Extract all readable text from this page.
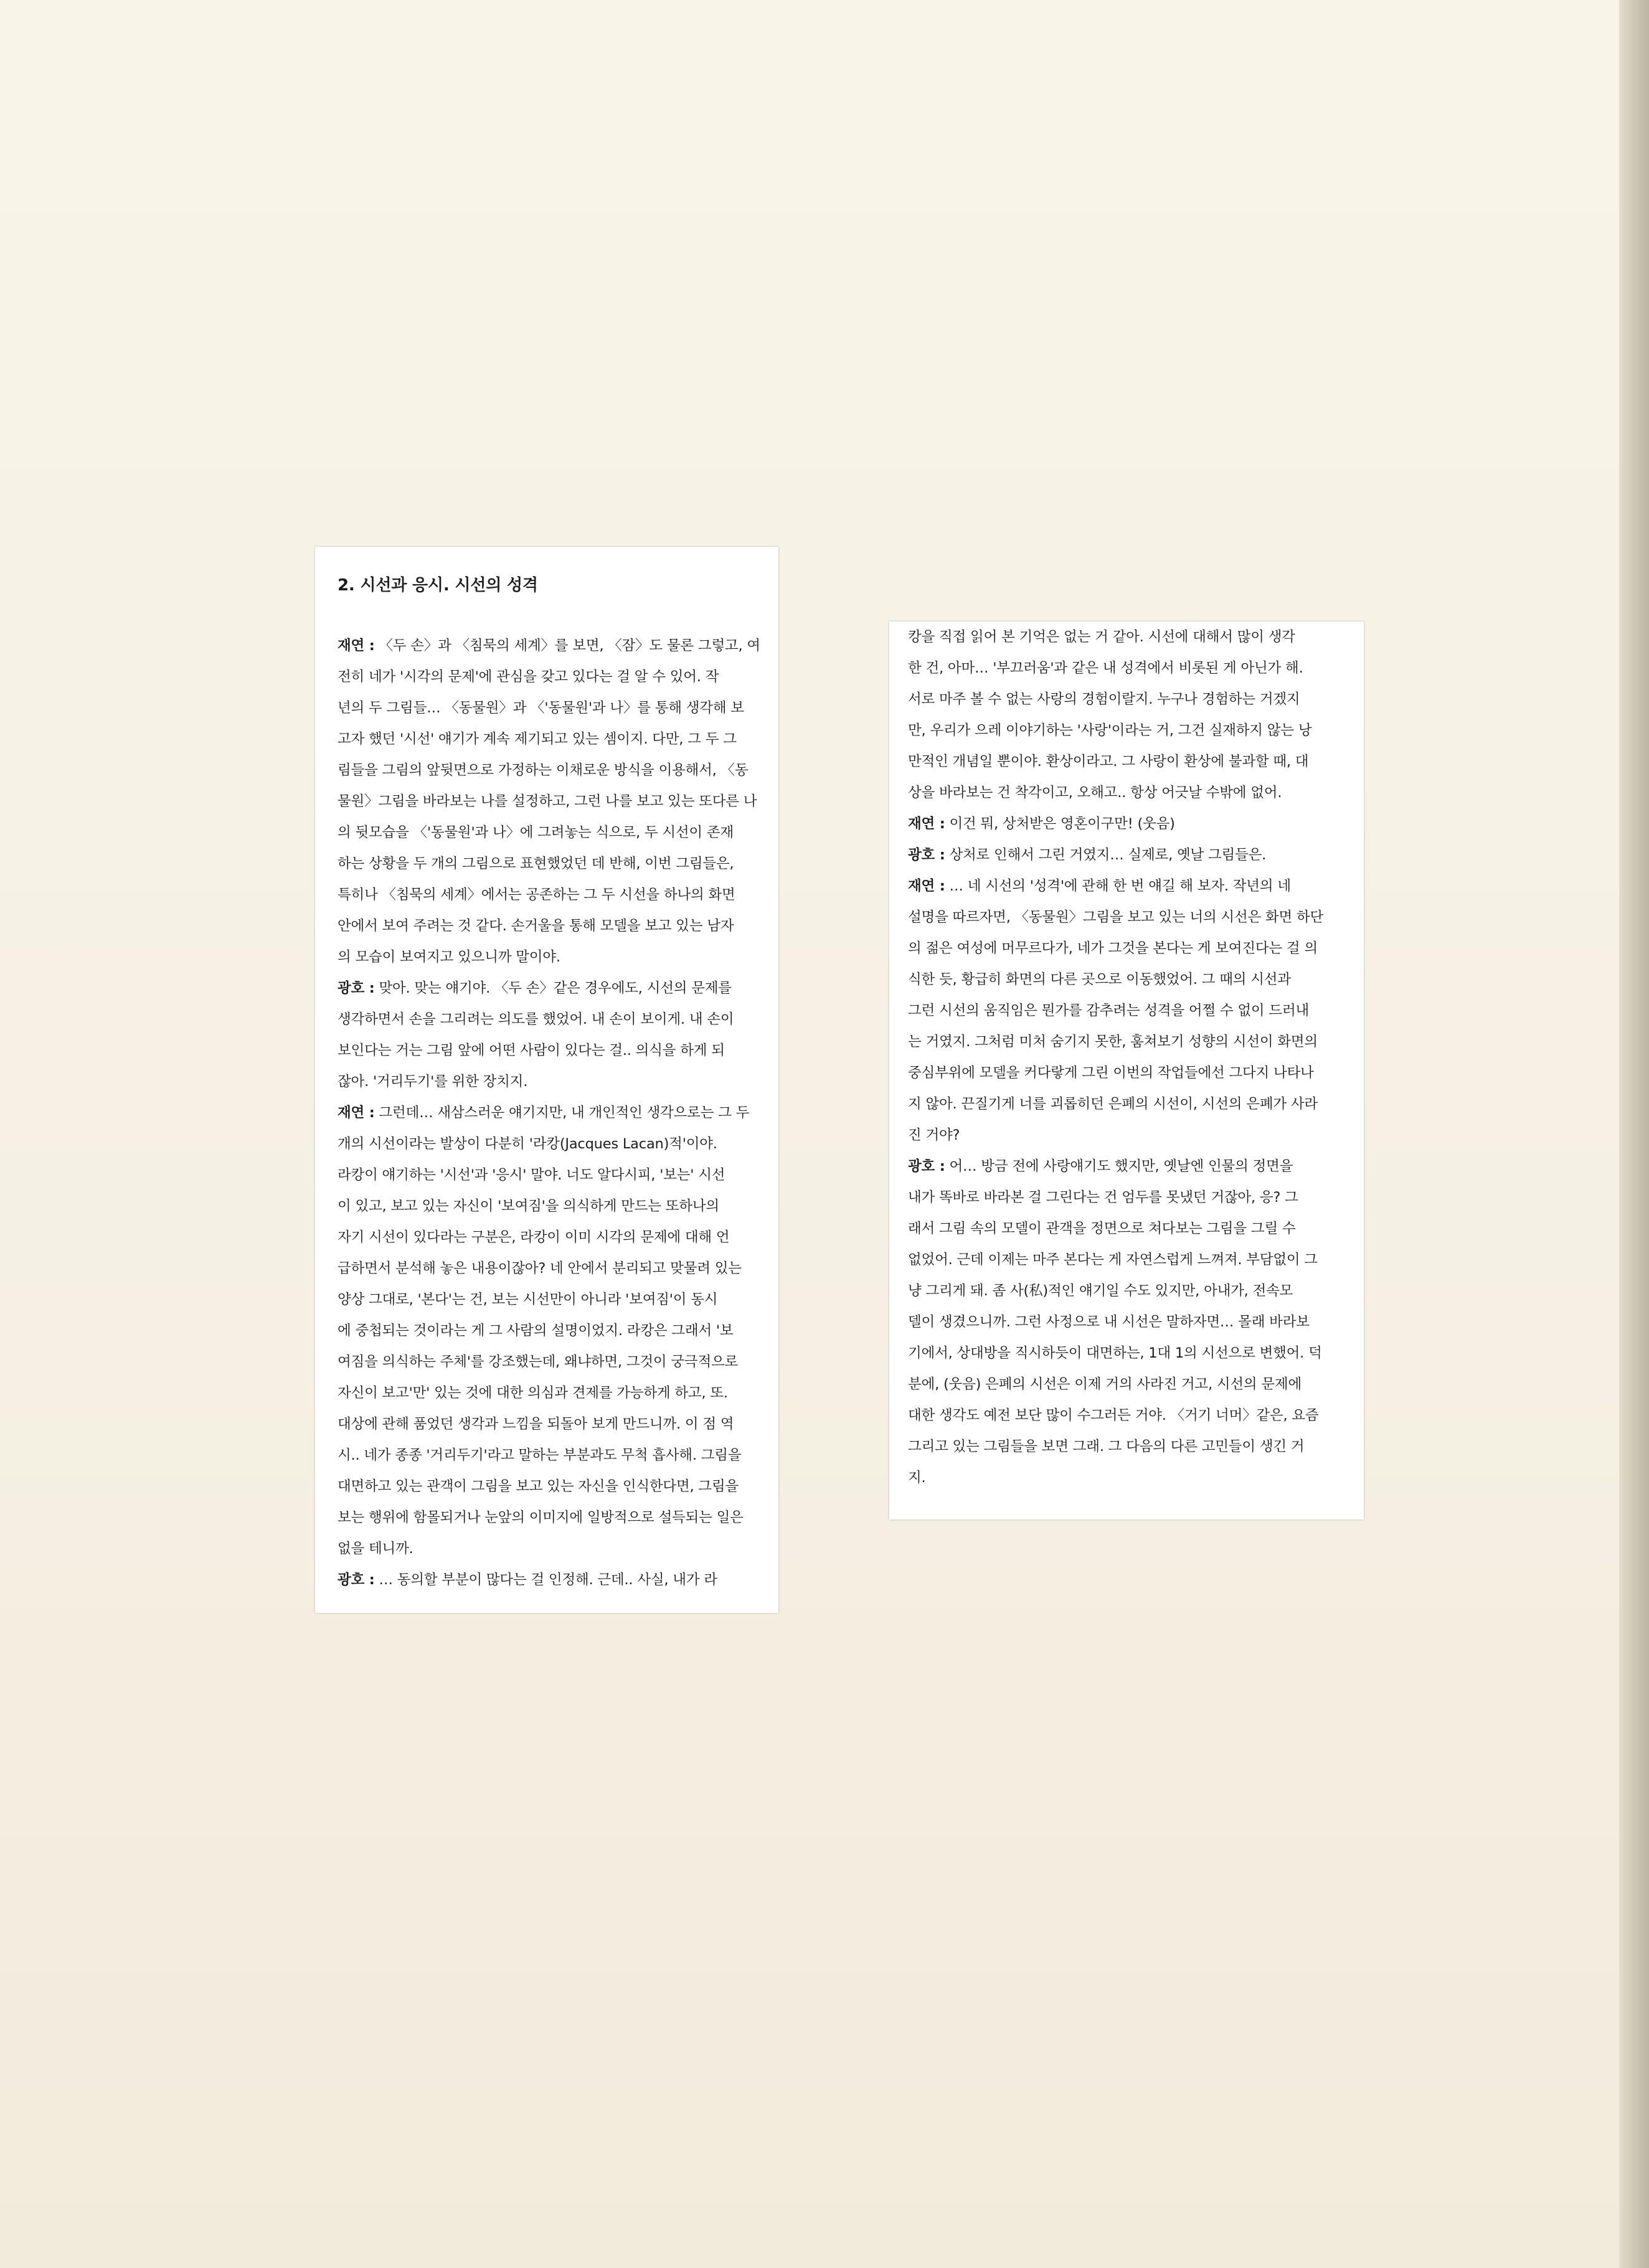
2. 시선과 응시. 시선의 성격
재연 : 〈두 손〉과 〈침묵의 세계〉를 보면, 〈잠〉도 물론 그렇고, 여
전히 네가 '시각의 문제'에 관심을 갖고 있다는 걸 알 수 있어. 작
년의 두 그림들… 〈동물원〉과 〈'동물원'과 나〉를 통해 생각해 보
고자 했던 '시선' 얘기가 계속 제기되고 있는 셈이지. 다만, 그 두 그
림들을 그림의 앞뒷면으로 가정하는 이채로운 방식을 이용해서, 〈동
물원〉그림을 바라보는 나를 설정하고, 그런 나를 보고 있는 또다른 나
의 뒷모습을 〈'동물원'과 나〉에 그려놓는 식으로, 두 시선이 존재
하는 상황을 두 개의 그림으로 표현했었던 데 반해, 이번 그림들은,
특히나 〈침묵의 세계〉에서는 공존하는 그 두 시선을 하나의 화면
안에서 보여 주려는 것 같다. 손거울을 통해 모델을 보고 있는 남자
의 모습이 보여지고 있으니까 말이야.
광호 : 맞아. 맞는 얘기야. 〈두 손〉같은 경우에도, 시선의 문제를
생각하면서 손을 그리려는 의도를 했었어. 내 손이 보이게. 내 손이
보인다는 거는 그림 앞에 어떤 사람이 있다는 걸.. 의식을 하게 되
잖아. '거리두기'를 위한 장치지.
재연 : 그런데… 새삼스러운 얘기지만, 내 개인적인 생각으로는 그 두
개의 시선이라는 발상이 다분히 '라캉(Jacques Lacan)적'이야.
라캉이 얘기하는 '시선'과 '응시' 말야. 너도 알다시피, '보는' 시선
이 있고, 보고 있는 자신이 '보여짐'을 의식하게 만드는 또하나의
자기 시선이 있다라는 구분은, 라캉이 이미 시각의 문제에 대해 언
급하면서 분석해 놓은 내용이잖아? 네 안에서 분리되고 맞물려 있는
양상 그대로, '본다'는 건, 보는 시선만이 아니라 '보여짐'이 동시
에 중첩되는 것이라는 게 그 사람의 설명이었지. 라캉은 그래서 '보
여짐을 의식하는 주체'를 강조했는데, 왜냐하면, 그것이 궁극적으로
자신이 보고'만' 있는 것에 대한 의심과 견제를 가능하게 하고, 또.
대상에 관해 품었던 생각과 느낌을 되돌아 보게 만드니까. 이 점 역
시.. 네가 종종 '거리두기'라고 말하는 부분과도 무척 흡사해. 그림을
대면하고 있는 관객이 그림을 보고 있는 자신을 인식한다면, 그림을
보는 행위에 함몰되거나 눈앞의 이미지에 일방적으로 설득되는 일은
없을 테니까.
광호 : … 동의할 부분이 많다는 걸 인정해. 근데.. 사실, 내가 라
캉을 직접 읽어 본 기억은 없는 거 같아. 시선에 대해서 많이 생각
한 건, 아마… '부끄러움'과 같은 내 성격에서 비롯된 게 아닌가 해.
서로 마주 볼 수 없는 사랑의 경험이랄지. 누구나 경험하는 거겠지
만, 우리가 으레 이야기하는 '사랑'이라는 거, 그건 실재하지 않는 낭
만적인 개념일 뿐이야. 환상이라고. 그 사랑이 환상에 불과할 때, 대
상을 바라보는 건 착각이고, 오해고.. 항상 어긋날 수밖에 없어.
재연 : 이건 뭐, 상처받은 영혼이구만! (웃음)
광호 : 상처로 인해서 그린 거였지… 실제로, 옛날 그림들은.
재연 : … 네 시선의 '성격'에 관해 한 번 얘길 해 보자. 작년의 네
설명을 따르자면, 〈동물원〉그림을 보고 있는 너의 시선은 화면 하단
의 젊은 여성에 머무르다가, 네가 그것을 본다는 게 보여진다는 걸 의
식한 듯, 황급히 화면의 다른 곳으로 이동했었어. 그 때의 시선과
그런 시선의 움직임은 뭔가를 감추려는 성격을 어쩔 수 없이 드러내
는 거였지. 그처럼 미처 숨기지 못한, 훔쳐보기 성향의 시선이 화면의
중심부위에 모델을 커다랗게 그린 이번의 작업들에선 그다지 나타나
지 않아. 끈질기게 너를 괴롭히던 은폐의 시선이, 시선의 은폐가 사라
진 거야?
광호 : 어… 방금 전에 사랑얘기도 했지만, 옛날엔 인물의 정면을
내가 똑바로 바라본 걸 그린다는 건 엄두를 못냈던 거잖아, 응? 그
래서 그림 속의 모델이 관객을 정면으로 쳐다보는 그림을 그릴 수
없었어. 근데 이제는 마주 본다는 게 자연스럽게 느껴져. 부담없이 그
냥 그리게 돼. 좀 사(私)적인 얘기일 수도 있지만, 아내가, 전속모
델이 생겼으니까. 그런 사정으로 내 시선은 말하자면… 몰래 바라보
기에서, 상대방을 직시하듯이 대면하는, 1대 1의 시선으로 변했어. 덕
분에, (웃음) 은폐의 시선은 이제 거의 사라진 거고, 시선의 문제에
대한 생각도 예전 보단 많이 수그러든 거야. 〈거기 너머〉같은, 요즘
그리고 있는 그림들을 보면 그래. 그 다음의 다른 고민들이 생긴 거
지.
